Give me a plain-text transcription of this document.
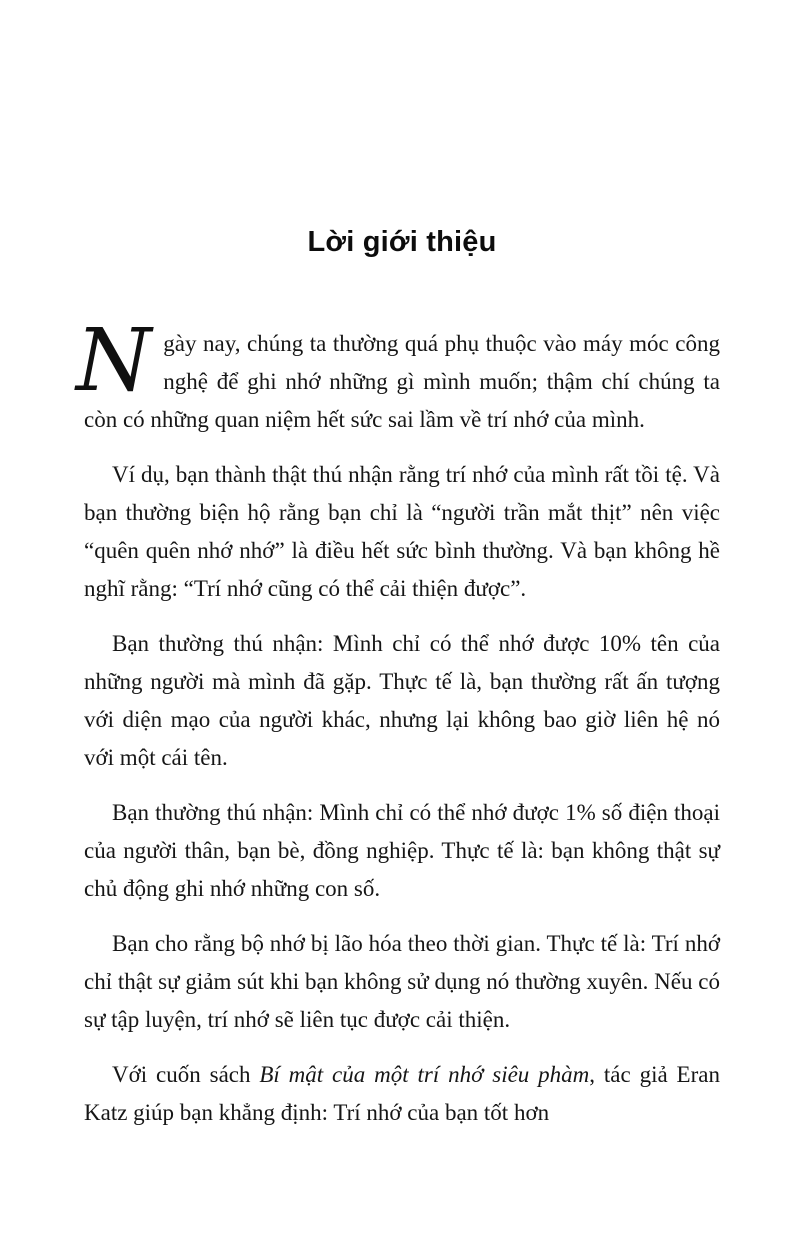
Lời giới thiệu

Ngày nay, chúng ta thường quá phụ thuộc vào máy móc công nghệ để ghi nhớ những gì mình muốn; thậm chí chúng ta còn có những quan niệm hết sức sai lầm về trí nhớ của mình.

Ví dụ, bạn thành thật thú nhận rằng trí nhớ của mình rất tồi tệ. Và bạn thường biện hộ rằng bạn chỉ là “người trần mắt thịt” nên việc “quên quên nhớ nhớ” là điều hết sức bình thường. Và bạn không hề nghĩ rằng: “Trí nhớ cũng có thể cải thiện được”.

Bạn thường thú nhận: Mình chỉ có thể nhớ được 10% tên của những người mà mình đã gặp. Thực tế là, bạn thường rất ấn tượng với diện mạo của người khác, nhưng lại không bao giờ liên hệ nó với một cái tên.

Bạn thường thú nhận: Mình chỉ có thể nhớ được 1% số điện thoại của người thân, bạn bè, đồng nghiệp. Thực tế là: bạn không thật sự chủ động ghi nhớ những con số.

Bạn cho rằng bộ nhớ bị lão hóa theo thời gian. Thực tế là: Trí nhớ chỉ thật sự giảm sút khi bạn không sử dụng nó thường xuyên. Nếu có sự tập luyện, trí nhớ sẽ liên tục được cải thiện.

Với cuốn sách Bí mật của một trí nhớ siêu phàm, tác giả Eran Katz giúp bạn khẳng định: Trí nhớ của bạn tốt hơn
